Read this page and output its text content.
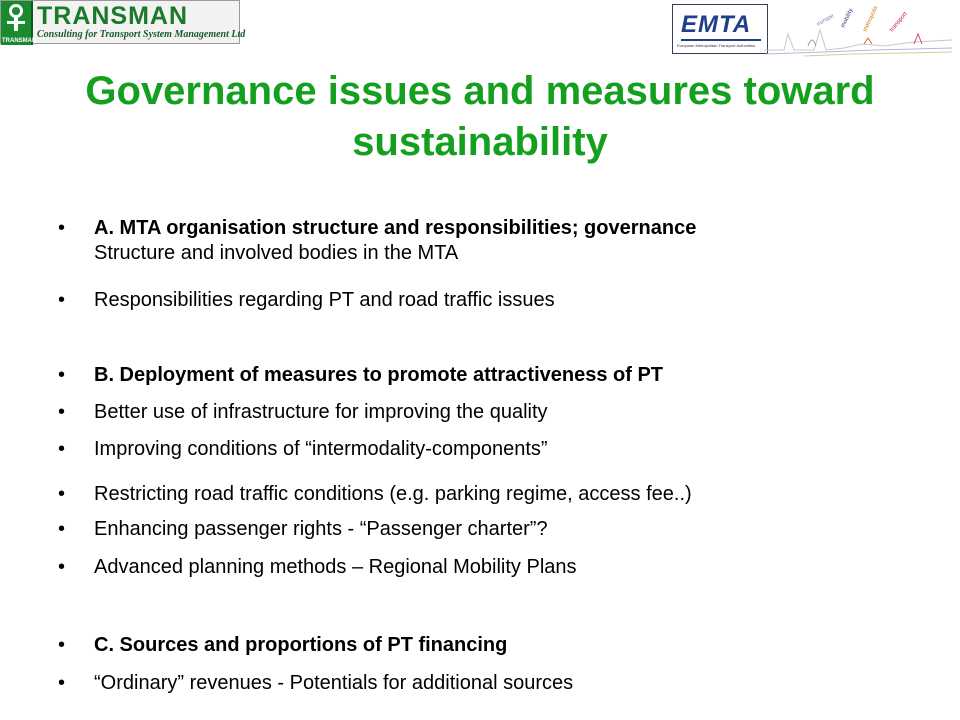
TRANSMAN
TRANSMAN
Consulting for Transport System Management Ltd	EMTA
European Metropolitan Transport Authorities
europe mobility metropolis transport
Governance issues and measures toward sustainability
•	A. MTA organisation structure and responsibilities; governance
Structure and involved bodies in the MTA
•	Responsibilities regarding PT and road traffic issues
•	B. Deployment of measures to promote attractiveness of PT
•	Better use of infrastructure for improving the quality
•	Improving conditions of “intermodality-components”
•	Restricting road traffic conditions (e.g. parking regime, access fee..)
•	Enhancing passenger rights - “Passenger charter”?
•	Advanced planning methods – Regional Mobility Plans
•	C. Sources and proportions of PT financing
•	“Ordinary” revenues - Potentials for additional sources
